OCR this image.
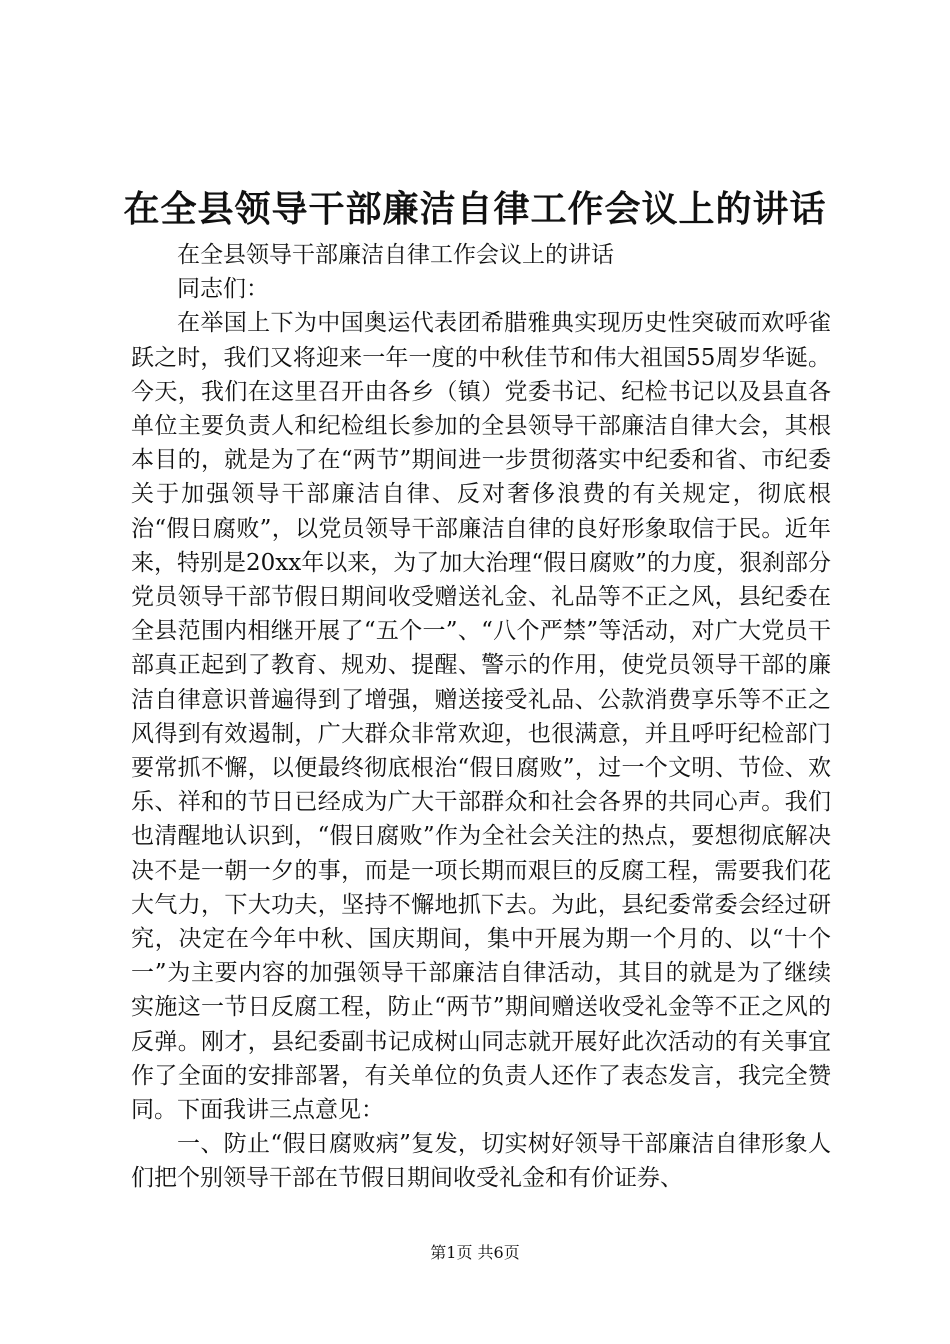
在全县领导干部廉洁自律工作会议上的讲话

在全县领导干部廉洁自律工作会议上的讲话

同志们：

在举国上下为中国奥运代表团希腊雅典实现历史性突破而欢呼雀跃之时，我们又将迎来一年一度的中秋佳节和伟大祖国55周岁华诞。今天，我们在这里召开由各乡（镇）党委书记、纪检书记以及县直各单位主要负责人和纪检组长参加的全县领导干部廉洁自律大会，其根本目的，就是为了在“两节”期间进一步贯彻落实中纪委和省、市纪委关于加强领导干部廉洁自律、反对奢侈浪费的有关规定，彻底根治“假日腐败”，以党员领导干部廉洁自律的良好形象取信于民。近年来，特别是20xx年以来，为了加大治理“假日腐败”的力度，狠刹部分党员领导干部节假日期间收受赠送礼金、礼品等不正之风，县纪委在全县范围内相继开展了“五个一”、“八个严禁”等活动，对广大党员干部真正起到了教育、规劝、提醒、警示的作用，使党员领导干部的廉洁自律意识普遍得到了增强，赠送接受礼品、公款消费享乐等不正之风得到有效遏制，广大群众非常欢迎，也很满意，并且呼吁纪检部门要常抓不懈，以便最终彻底根治“假日腐败”，过一个文明、节俭、欢乐、祥和的节日已经成为广大干部群众和社会各界的共同心声。我们也清醒地认识到，“假日腐败”作为全社会关注的热点，要想彻底解决决不是一朝一夕的事，而是一项长期而艰巨的反腐工程，需要我们花大气力，下大功夫，坚持不懈地抓下去。为此，县纪委常委会经过研究，决定在今年中秋、国庆期间，集中开展为期一个月的、以“十个一”为主要内容的加强领导干部廉洁自律活动，其目的就是为了继续实施这一节日反腐工程，防止“两节”期间赠送收受礼金等不正之风的反弹。刚才，县纪委副书记成树山同志就开展好此次活动的有关事宜作了全面的安排部署，有关单位的负责人还作了表态发言，我完全赞同。下面我讲三点意见：

一、防止“假日腐败病”复发，切实树好领导干部廉洁自律形象人们把个别领导干部在节假日期间收受礼金和有价证券、

第1页 共6页
